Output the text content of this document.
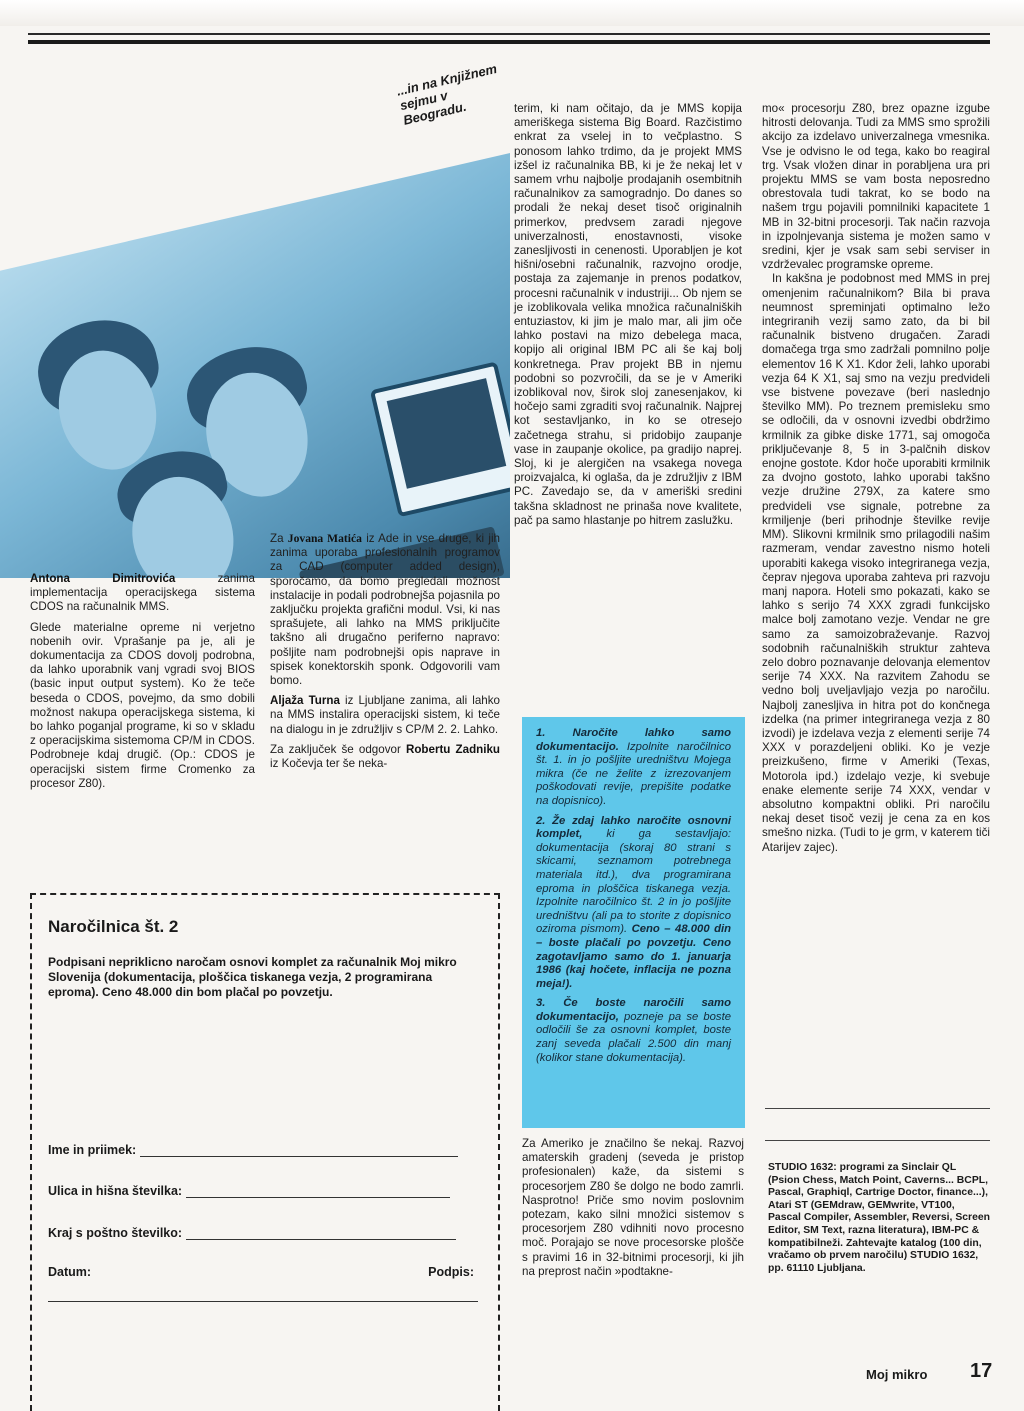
...in na Knjižnem sejmu v Beogradu.

Antona Dimitrovića zanima implementacija operacijskega sistema CDOS na računalnik MMS.

Glede materialne opreme ni verjetno nobenih ovir. Vprašanje pa je, ali je dokumentacija za CDOS dovolj podrobna, da lahko uporabnik vanj vgradi svoj BIOS (basic input output system). Ko že teče beseda o CDOS, povejmo, da smo dobili možnost nakupa operacijskega sistema, ki bo lahko poganjal programe, ki so v skladu z operacijskima sistemoma CP/M in CDOS. Podrobneje kdaj drugič. (Op.: CDOS je operacijski sistem firme Cromenko za procesor Z80).

Za Jovana Matića iz Ade in vse druge, ki jih zanima uporaba profesionalnih programov za CAD (computer added design), sporočamo, da bomo pregledali možnost instalacije in podali podrobnejša pojasnila po zaključku projekta grafični modul. Vsi, ki nas sprašujete, ali lahko na MMS priključite takšno ali drugačno periferno napravo: pošljite nam podrobnejši opis naprave in spisek konektorskih sponk. Odgovorili vam bomo.

Aljaža Turna iz Ljubljane zanima, ali lahko na MMS instalira operacijski sistem, ki teče na dialogu in je združljiv s CP/M 2. 2. Lahko.

Za zaključek še odgovor Robertu Zadniku iz Kočevja ter še neka-

terim, ki nam očitajo, da je MMS kopija ameriškega sistema Big Board. Razčistimo enkrat za vselej in to večplastno. S ponosom lahko trdimo, da je projekt MMS izšel iz računalnika BB, ki je že nekaj let v samem vrhu najbolje prodajanih osembitnih računalnikov za samogradnjo. Do danes so prodali že nekaj deset tisoč originalnih primerkov, predvsem zaradi njegove univerzalnosti, enostavnosti, visoke zanesljivosti in cenenosti. Uporabljen je kot hišni/osebni računalnik, razvojno orodje, postaja za zajemanje in prenos podatkov, procesni računalnik v industriji... Ob njem se je izoblikovala velika množica računalniških entuziastov, ki jim je malo mar, ali jim oče lahko postavi na mizo debelega maca, kopijo ali original IBM PC ali še kaj bolj konkretnega. Prav projekt BB in njemu podobni so pozvročili, da se je v Ameriki izoblikoval nov, širok sloj zanesenjakov, ki hočejo sami zgraditi svoj računalnik. Najprej kot sestavljanko, in ko se otresejo začetnega strahu, si pridobijo zaupanje vase in zaupanje okolice, pa gradijo naprej. Sloj, ki je alergičen na vsakega novega proizvajalca, ki oglaša, da je združljiv z IBM PC. Zavedajo se, da v ameriški sredini takšna skladnost ne prinaša nove kvalitete, pač pa samo hlastanje po hitrem zaslužku.

1. Naročite lahko samo dokumentacijo. Izpolnite naročilnico št. 1. in jo pošljite uredništvu Mojega mikra (če ne želite z izrezovanjem poškodovati revije, prepišite podatke na dopisnico).

2. Že zdaj lahko naročite osnovni komplet, ki ga sestavljajo: dokumentacija (skoraj 80 strani s skicami, seznamom potrebnega materiala itd.), dva programirana eproma in ploščica tiskanega vezja. Izpolnite naročilnico št. 2 in jo pošljite uredništvu (ali pa to storite z dopisnico oziroma pismom). Ceno – 48.000 din – boste plačali po povzetju. Ceno zagotavljamo samo do 1. januarja 1986 (kaj hočete, inflacija ne pozna meja!).

3. Če boste naročili samo dokumentacijo, pozneje pa se boste odločili še za osnovni komplet, boste zanj seveda plačali 2.500 din manj (kolikor stane dokumentacija).

Za Ameriko je značilno še nekaj. Razvoj amaterskih gradenj (seveda je pristop profesionalen) kaže, da sistemi s procesorjem Z80 še dolgo ne bodo zamrli. Nasprotno! Priče smo novim poslovnim potezam, kako silni množici sistemov s procesorjem Z80 vdihniti novo procesno moč. Porajajo se nove procesorske plošče s pravimi 16 in 32-bitnimi procesorji, ki jih na preprost način »podtakne-

mo« procesorju Z80, brez opazne izgube hitrosti delovanja. Tudi za MMS smo sprožili akcijo za izdelavo univerzalnega vmesnika. Vse je odvisno le od tega, kako bo reagiral trg. Vsak vložen dinar in porabljena ura pri projektu MMS se vam bosta neposredno obrestovala tudi takrat, ko se bodo na našem trgu pojavili pomnilniki kapacitete 1 MB in 32-bitni procesorji. Tak način razvoja in izpolnjevanja sistema je možen samo v sredini, kjer je vsak sam sebi serviser in vzdrževalec programske opreme.

In kakšna je podobnost med MMS in prej omenjenim računalnikom? Bila bi prava neumnost spreminjati optimalno ležo integriranih vezij samo zato, da bi bil računalnik bistveno drugačen. Zaradi domačega trga smo zadržali pomnilno polje elementov 16 K X1. Kdor želi, lahko uporabi vezja 64 K X1, saj smo na vezju predvideli vse bistvene povezave (beri naslednjo številko MM). Po treznem premisleku smo se odločili, da v osnovni izvedbi obdržimo krmilnik za gibke diske 1771, saj omogoča priključevanje 8, 5 in 3-palčnih diskov enojne gostote. Kdor hoče uporabiti krmilnik za dvojno gostoto, lahko uporabi takšno vezje družine 279X, za katere smo predvideli vse signale, potrebne za krmiljenje (beri prihodnje številke revije MM). Slikovni krmilnik smo prilagodili našim razmeram, vendar zavestno nismo hoteli uporabiti kakega visoko integriranega vezja, čeprav njegova uporaba zahteva pri razvoju manj napora. Hoteli smo pokazati, kako se lahko s serijo 74 XXX zgradi funkcijsko malce bolj zamotano vezje. Vendar ne gre samo za samoizobraževanje. Razvoj sodobnih računalniških struktur zahteva zelo dobro poznavanje delovanja elementov serije 74 XXX. Na razvitem Zahodu se vedno bolj uveljavljajo vezja po naročilu. Najbolj zanesljiva in hitra pot do končnega izdelka (na primer integriranega vezja z 80 izvodi) je izdelava vezja z elementi serije 74 XXX v porazdeljeni obliki. Ko je vezje preizkušeno, firme v Ameriki (Texas, Motorola ipd.) izdelajo vezje, ki svebuje enake elemente serije 74 XXX, vendar v absolutno kompaktni obliki. Pri naročilu nekaj deset tisoč vezij je cena za en kos smešno nizka. (Tudi to je grm, v katerem tiči Atarijev zajec).

STUDIO 1632: programi za Sinclair QL (Psion Chess, Match Point, Caverns... BCPL, Pascal, Graphiql, Cartrige Doctor, finance...), Atari ST (GEMdraw, GEMwrite, VT100, Pascal Compiler, Assembler, Reversi, Screen Editor, SM Text, razna literatura), IBM-PC & kompatibilneži. Zahtevajte katalog (100 din, vračamo ob prvem naročilu) STUDIO 1632, pp. 61110 Ljubljana.
Naročilnica št. 2
Podpisani nepriklicno naročam osnovi komplet za računalnik Moj mikro Slovenija (dokumentacija, ploščica tiskanega vezja, 2 programirana eproma). Ceno 48.000 din bom plačal po povzetju.
Ime in priimek:
Ulica in hišna številka:
Kraj s poštno številko:
Datum:	Podpis:
Moj mikro 17
